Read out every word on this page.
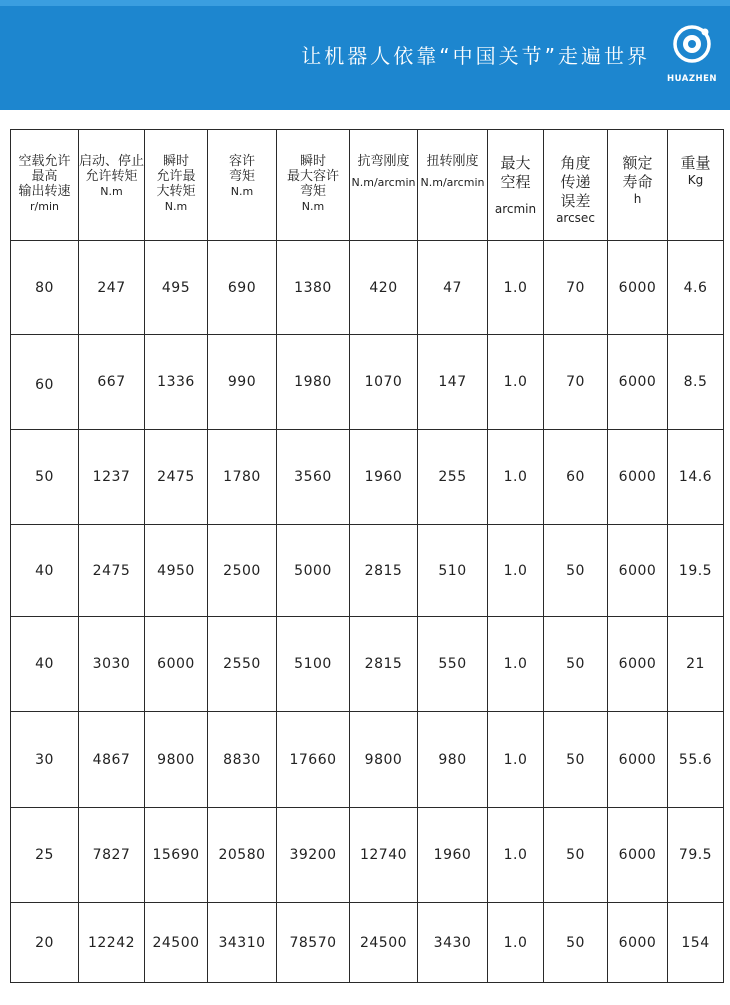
让机器人依靠“中国关节”走遍世界
HUAZHEN
空载允许
最高
输出转速
r/min	启动、停止
允许转矩
N.m	瞬时
允许最
大转矩
N.m	容许
弯矩
N.m	瞬时
最大容许
弯矩
N.m	抗弯刚度
N.m/arcmin	扭转刚度
N.m/arcmin	最大
空程
arcmin	角度
传递
误差
arcsec	额定
寿命
h	重量
Kg

80	247	495	690	1380	420	47	1.0	70	6000	4.6
60	667	1336	990	1980	1070	147	1.0	70	6000	8.5
50	1237	2475	1780	3560	1960	255	1.0	60	6000	14.6
40	2475	4950	2500	5000	2815	510	1.0	50	6000	19.5
40	3030	6000	2550	5100	2815	550	1.0	50	6000	21
30	4867	9800	8830	17660	9800	980	1.0	50	6000	55.6
25	7827	15690	20580	39200	12740	1960	1.0	50	6000	79.5
20	12242	24500	34310	78570	24500	3430	1.0	50	6000	154
